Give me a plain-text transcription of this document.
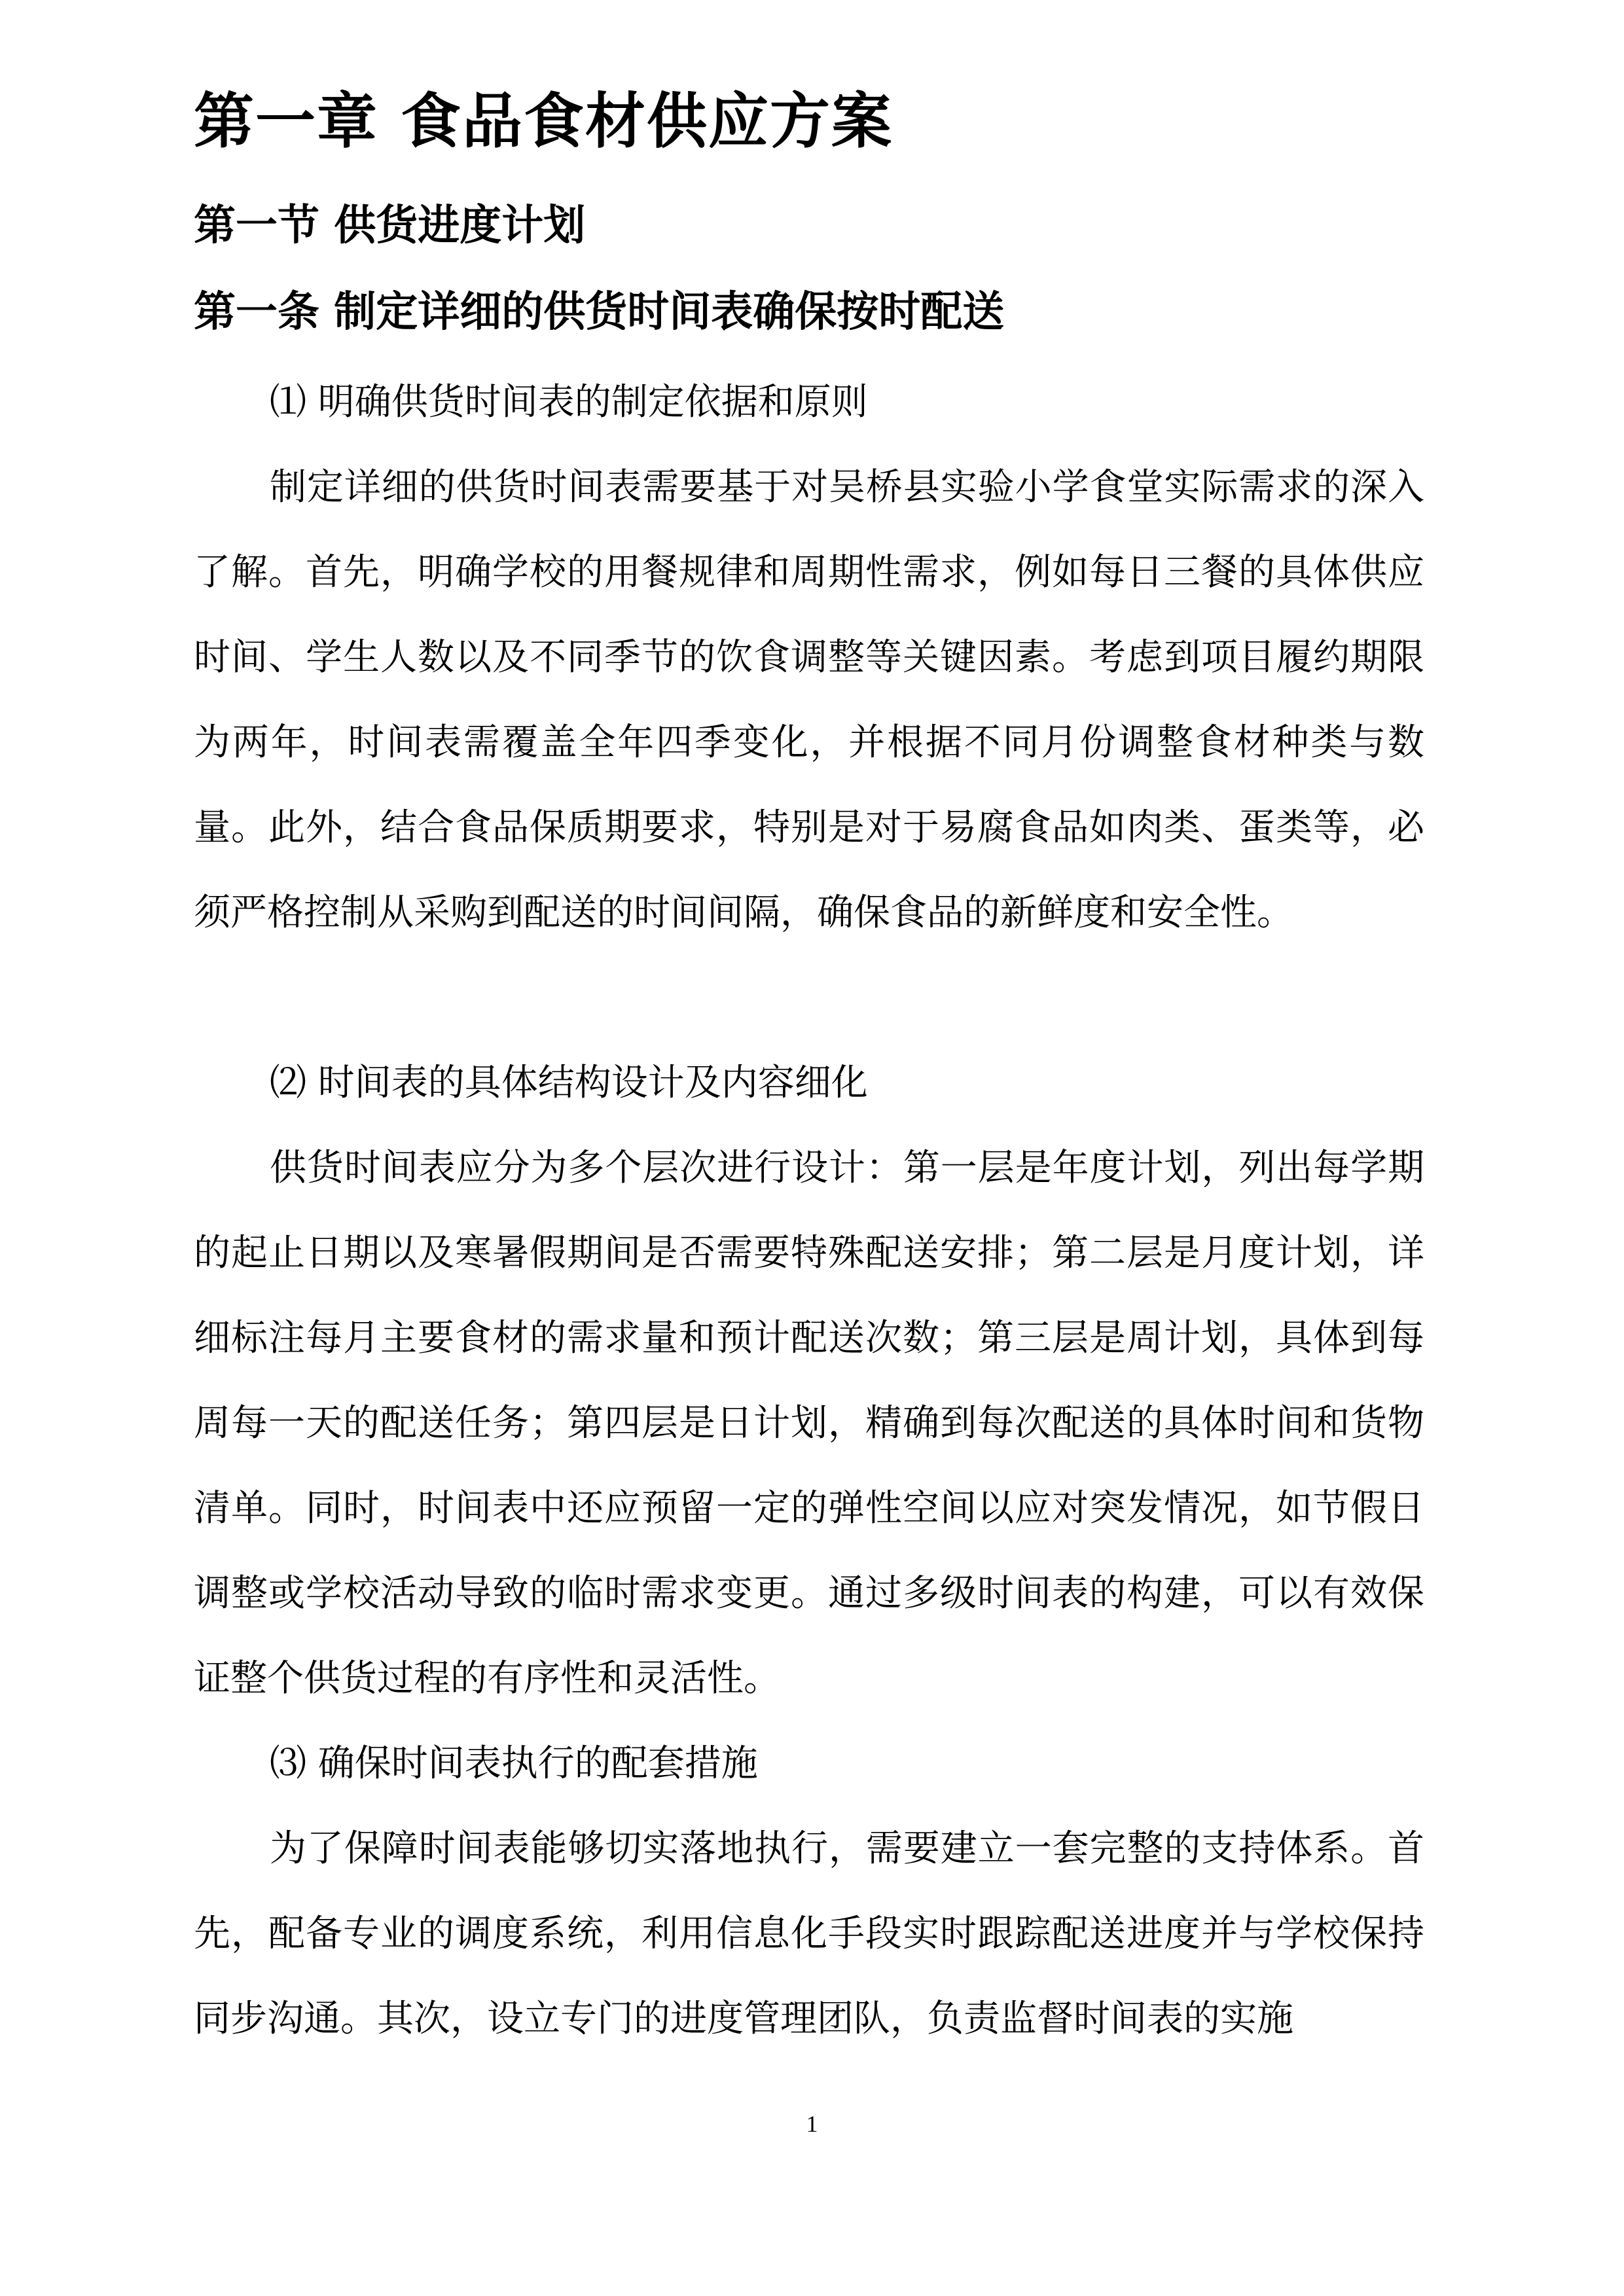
第一章 食品食材供应方案
第一节 供货进度计划
第一条 制定详细的供货时间表确保按时配送

⑴ 明确供货时间表的制定依据和原则

制定详细的供货时间表需要基于对吴桥县实验小学食堂实际需求的深入了解。首先，明确学校的用餐规律和周期性需求，例如每日三餐的具体供应时间、学生人数以及不同季节的饮食调整等关键因素。考虑到项目履约期限为两年，时间表需覆盖全年四季变化，并根据不同月份调整食材种类与数量。此外，结合食品保质期要求，特别是对于易腐食品如肉类、蛋类等，必须严格控制从采购到配送的时间间隔，确保食品的新鲜度和安全性。

⑵ 时间表的具体结构设计及内容细化

供货时间表应分为多个层次进行设计：第一层是年度计划，列出每学期的起止日期以及寒暑假期间是否需要特殊配送安排；第二层是月度计划，详细标注每月主要食材的需求量和预计配送次数；第三层是周计划，具体到每周每一天的配送任务；第四层是日计划，精确到每次配送的具体时间和货物清单。同时，时间表中还应预留一定的弹性空间以应对突发情况，如节假日调整或学校活动导致的临时需求变更。通过多级时间表的构建，可以有效保证整个供货过程的有序性和灵活性。

⑶ 确保时间表执行的配套措施

为了保障时间表能够切实落地执行，需要建立一套完整的支持体系。首先，配备专业的调度系统，利用信息化手段实时跟踪配送进度并与学校保持同步沟通。其次，设立专门的进度管理团队，负责监督时间表的实施

1
